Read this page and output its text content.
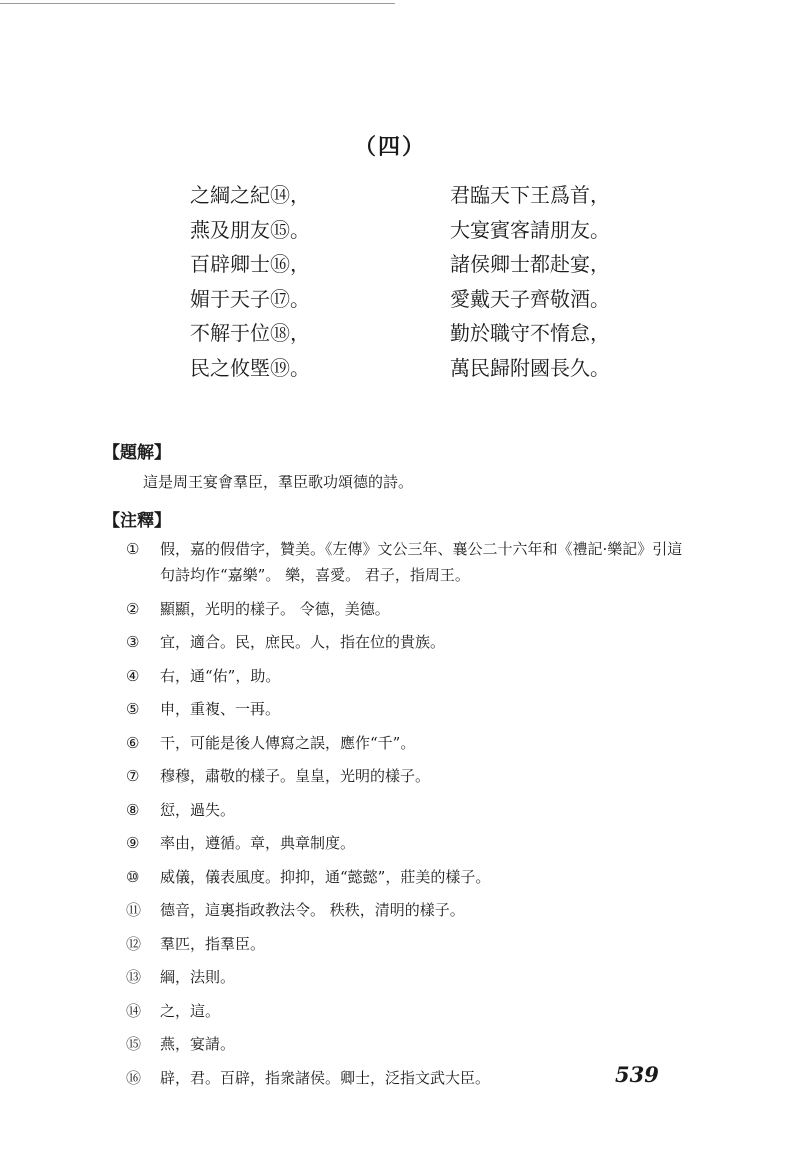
（四）
之綱之紀⑭，	君臨天下王爲首，
燕及朋友⑮。	大宴賓客請朋友。
百辟卿士⑯，	諸侯卿士都赴宴，
媚于天子⑰。	愛戴天子齊敬酒。
不解于位⑱，	勤於職守不惰怠，
民之攸塈⑲。	萬民歸附國長久。
【題解】
這是周王宴會羣臣，羣臣歌功頌德的詩。
【注釋】
①	假，嘉的假借字，贊美。《左傳》文公三年、襄公二十六年和《禮記·樂記》引這句詩均作“嘉樂”。 樂，喜愛。 君子，指周王。
②	顯顯，光明的樣子。 令德，美德。
③	宜，適合。民，庶民。人，指在位的貴族。
④	右，通“佑”，助。
⑤	申，重複、一再。
⑥	干，可能是後人傳寫之誤，應作“千”。
⑦	穆穆，肅敬的樣子。皇皇，光明的樣子。
⑧	愆，過失。
⑨	率由，遵循。章，典章制度。
⑩	威儀，儀表風度。抑抑，通“懿懿”，莊美的樣子。
⑪	德音，這裏指政教法令。 秩秩，清明的樣子。
⑫	羣匹，指羣臣。
⑬	綱，法則。
⑭	之，這。
⑮	燕，宴請。
⑯	辟，君。百辟，指衆諸侯。卿士，泛指文武大臣。	539
